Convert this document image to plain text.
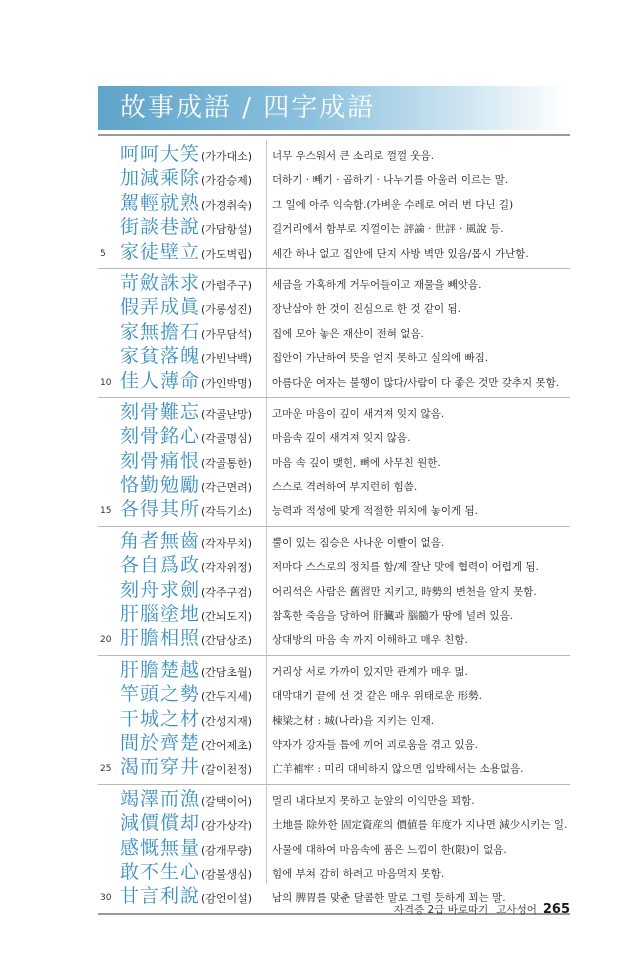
故事成語 / 四字成語
呵呵大笑(가가대소) 너무 우스워서 큰 소리로 껄껄 웃음.
加減乘除(가감승제) 더하기 · 빼기 · 곱하기 · 나누기를 아울러 이르는 말.
駕輕就熟(가경취숙) 그 일에 아주 익숙함.(가벼운 수레로 여러 번 다닌 길)
街談巷說(가담항설) 길거리에서 함부로 지껄이는 評論 · 世評 · 風說 등.
5 家徒壁立(가도벽립) 세간 하나 없고 집안에 단지 사방 벽만 있음/몹시 가난함.
苛斂誅求(가렴주구) 세금을 가혹하게 거두어들이고 재물을 빼앗음.
假弄成眞(가롱성진) 장난삼아 한 것이 진심으로 한 것 같이 됨.
家無擔石(가무담석) 집에 모아 놓은 재산이 전혀 없음.
家貧落魄(가빈낙백) 집안이 가난하여 뜻을 얻지 못하고 실의에 빠짐.
10 佳人薄命(가인박명) 아름다운 여자는 불행이 많다/사람이 다 좋은 것만 갖추지 못함.
刻骨難忘(각골난망) 고마운 마음이 깊이 새겨져 잊지 않음.
刻骨銘心(각골명심) 마음속 깊이 새겨져 잊지 않음.
刻骨痛恨(각골통한) 마음 속 깊이 맺힌, 뼈에 사무친 원한.
恪勤勉勵(각근면려) 스스로 격려하여 부지런히 힘씀.
15 各得其所(각득기소) 능력과 적성에 맞게 적절한 위치에 놓이게 됨.
角者無齒(각자무치) 뿔이 있는 짐승은 사나운 이빨이 없음.
各自爲政(각자위정) 저마다 스스로의 정치를 함/제 잘난 맛에 협력이 어렵게 됨.
刻舟求劍(각주구검) 어리석은 사람은 舊習만 지키고, 時勢의 변천을 알지 못함.
肝腦塗地(간뇌도지) 참혹한 죽음을 당하여 肝臟과 腦髓가 땅에 널려 있음.
20 肝膽相照(간담상조) 상대방의 마음 속 까지 이해하고 매우 친함.
肝膽楚越(간담초월) 거리상 서로 가까이 있지만 관계가 매우 멂.
竿頭之勢(간두지세) 대막대기 끝에 선 것 같은 매우 위태로운 形勢.
干城之材(간성지재) 棟梁之材 : 城(나라)을 지키는 인재.
間於齊楚(간어제초) 약자가 강자들 틈에 끼어 괴로움을 겪고 있음.
25 渴而穿井(갈이천정) 亡羊補牢 : 미리 대비하지 않으면 임박해서는 소용없음.
竭澤而漁(갈택이어) 멀리 내다보지 못하고 눈앞의 이익만을 꾀함.
減價償却(감가상각) 土地를 除外한 固定資産의 價値를 年度가 지나면 減少시키는 일.
感慨無量(감개무량) 사물에 대하여 마음속에 품은 느낌이 한(限)이 없음.
敢不生心(감불생심) 힘에 부쳐 감히 하려고 마음먹지 못함.
30 甘言利說(감언이설) 남의 脾胃를 맞춘 달콤한 말로 그럴 듯하게 꾀는 말.
자격증 2급 바로따기 고사성어 265
